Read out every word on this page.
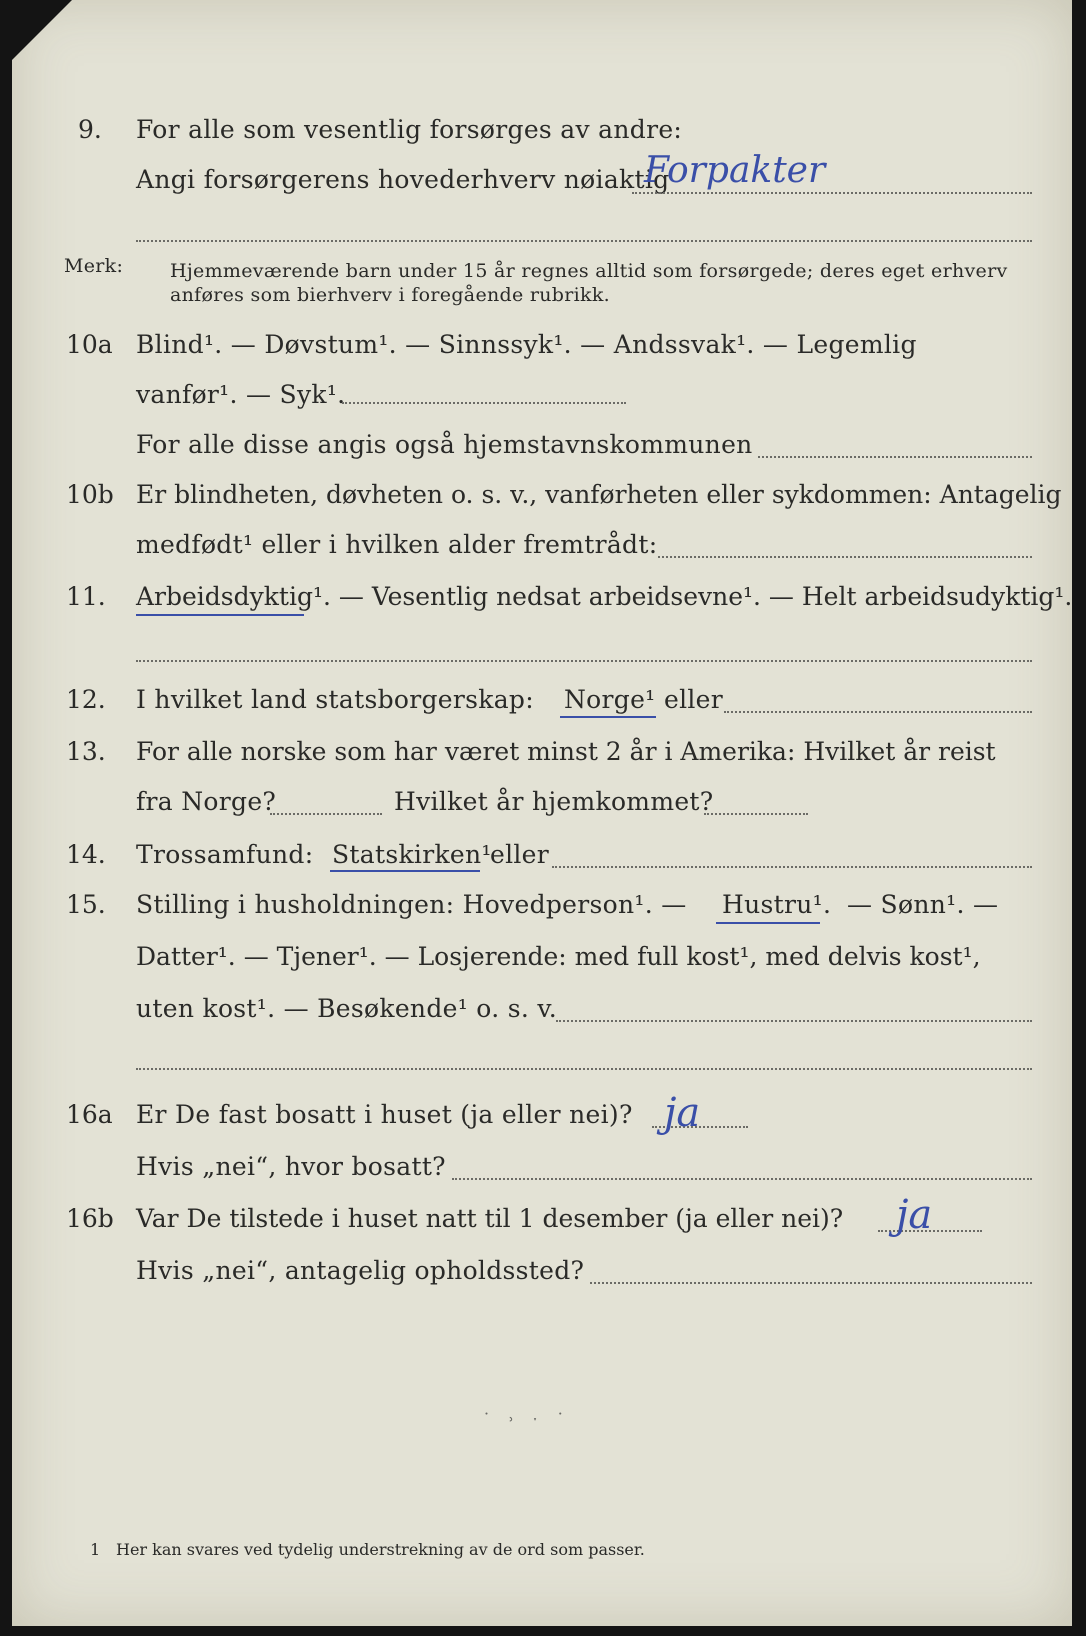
9. For alle som vesentlig forsørges av andre:
Angi forsørgerens hovederhverv nøiaktig
Forpakter
Merk: Hjemmeværende barn under 15 år regnes alltid som forsørgede; deres eget erhverv
anføres som bierhverv i foregående rubrikk.
10a Blind¹. — Døvstum¹. — Sinnssyk¹. — Andssvak¹. — Legemlig
vanfør¹. — Syk¹.
For alle disse angis også hjemstavnskommunen
10b Er blindheten, døvheten o. s. v., vanførheten eller sykdommen: Antagelig
medfødt¹ eller i hvilken alder fremtrådt:
11. Arbeidsdyktig¹. — Vesentlig nedsat arbeidsevne¹. — Helt arbeidsudyktig¹.
12. I hvilket land statsborgerskap: Norge¹ eller
13. For alle norske som har været minst 2 år i Amerika: Hvilket år reist
fra Norge?	Hvilket år hjemkommet?
14. Trossamfund: Statskirken¹
eller
15. Stilling i husholdningen: Hovedperson¹. — Hustru¹. — Sønn¹. —
Datter¹. — Tjener¹. — Losjerende: med full kost¹, med delvis kost¹,
uten kost¹. — Besøkende¹ o. s. v.
16a Er De fast bosatt i huset (ja eller nei)? ja
Hvis „nei“, hvor bosatt?
16b Var De tilstede i huset natt til 1 desember (ja eller nei)? ja
Hvis „nei“, antagelig opholdssted?
˙ ˒ ˑ ˙
1 Her kan svares ved tydelig understrekning av de ord som passer.
